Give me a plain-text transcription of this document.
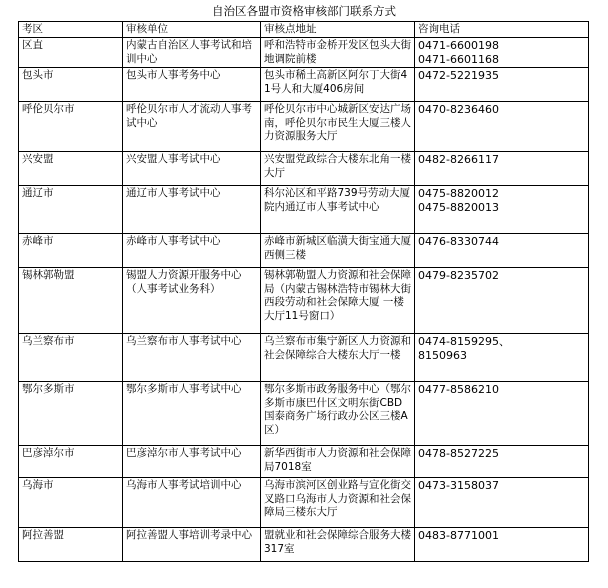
自治区各盟市资格审核部门联系方式
考区	审核单位	审核点地址	咨询电话
区直	内蒙古自治区人事考试和培训中心	呼和浩特市金桥开发区包头大街地调院前楼	0471-6600198
0471-6601168
包头市	包头市人事考务中心	包头市稀土高新区阿尔丁大街41号人和大厦406房间	0472-5221935
呼伦贝尔市	呼伦贝尔市人才流动人事考试中心	呼伦贝尔市中心城新区安达广场南，呼伦贝尔市民生大厦三楼人力资源服务大厅	0470-8236460
兴安盟	兴安盟人事考试中心	兴安盟党政综合大楼东北角一楼大厅	0482-8266117
通辽市	通辽市人事考试中心	科尔沁区和平路739号劳动大厦院内通辽市人事考试中心	0475-8820012
0475-8820013
赤峰市	赤峰市人事考试中心	赤峰市新城区临潢大街宝通大厦西侧三楼	0476-8330744
锡林郭勒盟	锡盟人力资源开服务中心（人事考试业务科）	锡林郭勒盟人力资源和社会保障局（内蒙古锡林浩特市锡林大街西段劳动和社会保障大厦 一楼大厅11号窗口）	0479-8235702
乌兰察布市	乌兰察布市人事考试中心	乌兰察布市集宁新区人力资源和社会保障综合大楼东大厅一楼	0474-8159295、
8150963
鄂尔多斯市	鄂尔多斯市人事考试中心	鄂尔多斯市政务服务中心（鄂尔多斯市康巴什区文明东街CBD国泰商务广场行政办公区三楼A区）	0477-8586210
巴彦淖尔市	巴彦淖尔市人事考试中心	新华西街市人力资源和社会保障局7018室	0478-8527225
乌海市	乌海市人事考试培训中心	乌海市滨河区创业路与宣化街交叉路口乌海市人力资源和社会保障局三楼东大厅	0473-3158037
阿拉善盟	阿拉善盟人事培训考录中心	盟就业和社会保障综合服务大楼317室	0483-8771001
